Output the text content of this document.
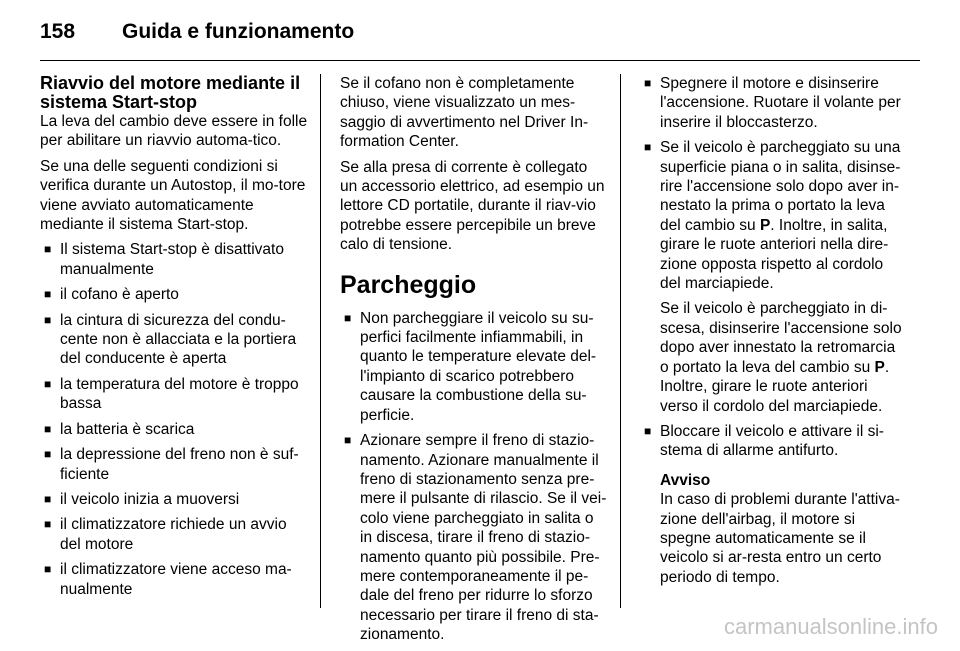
158 Guida e funzionamento
Riavvio del motore mediante il sistema Start-stop

La leva del cambio deve essere in folle per abilitare un riavvio automa-tico.

Se una delle seguenti condizioni si verifica durante un Autostop, il mo-tore viene avviato automaticamente mediante il sistema Start-stop.

■ Il sistema Start-stop è disattivato manualmente
■ il cofano è aperto
■ la cintura di sicurezza del condu-cente non è allacciata e la portiera del conducente è aperta
■ la temperatura del motore è troppo bassa
■ la batteria è scarica
■ la depressione del freno non è suf-ficiente
■ il veicolo inizia a muoversi
■ il climatizzatore richiede un avvio del motore
■ il climatizzatore viene acceso ma-nualmente

Se il cofano non è completamente chiuso, viene visualizzato un mes-saggio di avvertimento nel Driver In-formation Center.

Se alla presa di corrente è collegato un accessorio elettrico, ad esempio un lettore CD portatile, durante il riav-vio potrebbe essere percepibile un breve calo di tensione.

Parcheggio
■ Non parcheggiare il veicolo su su-perfici facilmente infiammabili, in quanto le temperature elevate del-l'impianto di scarico potrebbero causare la combustione della su-perficie.
■ Azionare sempre il freno di stazio-namento. Azionare manualmente il freno di stazionamento senza pre-mere il pulsante di rilascio. Se il vei-colo viene parcheggiato in salita o in discesa, tirare il freno di stazio-namento quanto più possibile. Pre-mere contemporaneamente il pe-dale del freno per ridurre lo sforzo necessario per tirare il freno di sta-zionamento.
■ Spegnere il motore e disinserire l'accensione. Ruotare il volante per inserire il bloccasterzo.
■ Se il veicolo è parcheggiato su una superficie piana o in salita, disinse-rire l'accensione solo dopo aver in-nestato la prima o portato la leva del cambio su P. Inoltre, in salita, girare le ruote anteriori nella dire-zione opposta rispetto al cordolo del marciapiede.

Se il veicolo è parcheggiato in di-scesa, disinserire l'accensione solo dopo aver innestato la retromarcia o portato la leva del cambio su P. Inoltre, girare le ruote anteriori verso il cordolo del marciapiede.

■ Bloccare il veicolo e attivare il si-stema di allarme antifurto.

Avviso

In caso di problemi durante l'attiva-zione dell'airbag, il motore si spegne automaticamente se il veicolo si ar-resta entro un certo periodo di tempo.

carmanualsonline.info
